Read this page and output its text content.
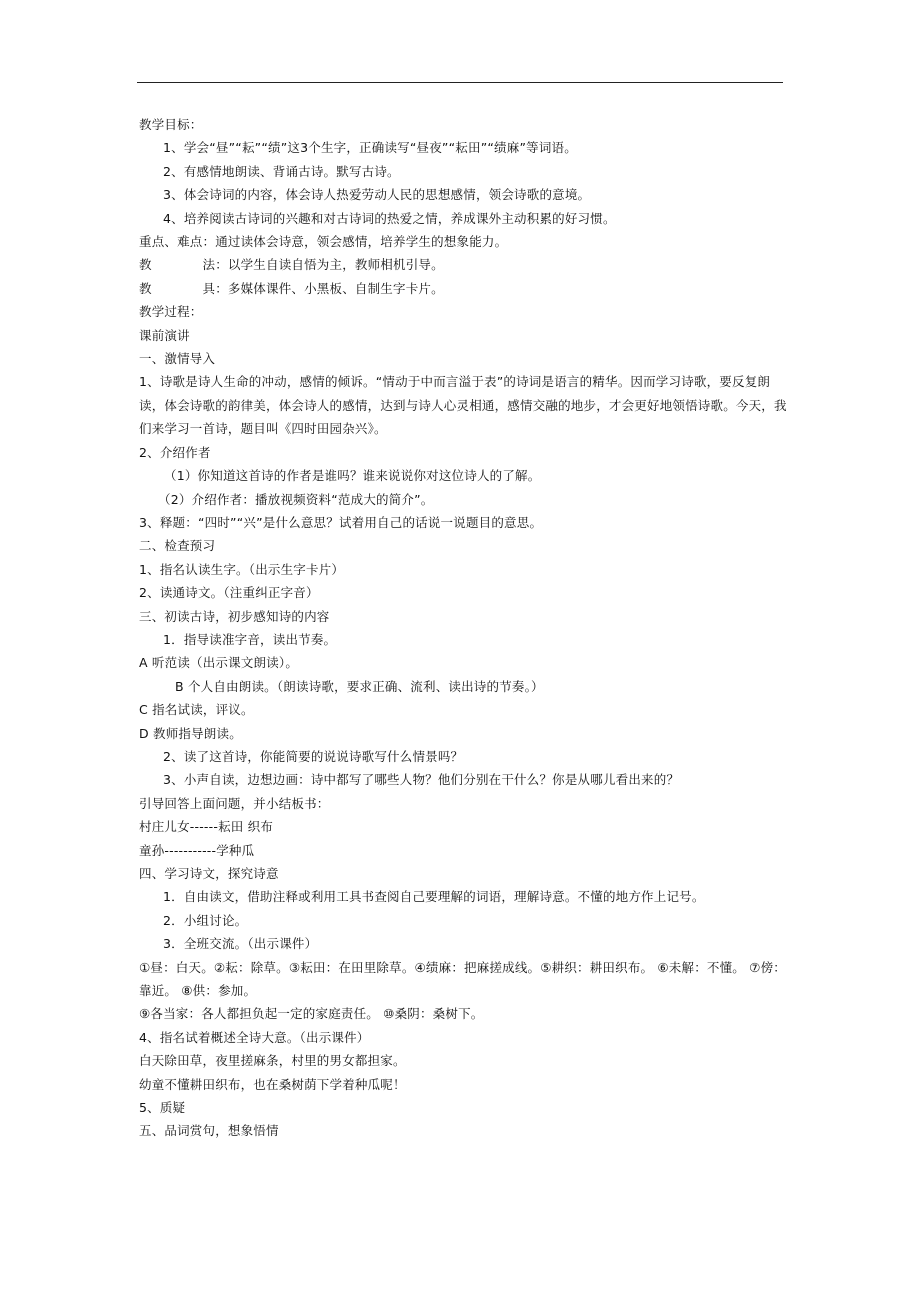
教学目标：
1、学会“昼”“耘”“绩”这3个生字，正确读写“昼夜”“耘田”“绩麻”等词语。
2、有感情地朗读、背诵古诗。默写古诗。
3、体会诗词的内容，体会诗人热爱劳动人民的思想感情，领会诗歌的意境。
4、培养阅读古诗词的兴趣和对古诗词的热爱之情，养成课外主动积累的好习惯。
重点、难点：通过读体会诗意，领会感情，培养学生的想象能力。
教　　　　法：以学生自读自悟为主，教师相机引导。
教　　　　具：多媒体课件、小黑板、自制生字卡片。
教学过程：
课前演讲
一、激情导入
1、诗歌是诗人生命的冲动，感情的倾诉。“情动于中而言溢于表”的诗词是语言的精华。因而学习诗歌，要反复朗读，体会诗歌的韵律美，体会诗人的感情，达到与诗人心灵相通，感情交融的地步，才会更好地领悟诗歌。今天，我们来学习一首诗，题目叫《四时田园杂兴》。
2、介绍作者
（1）你知道这首诗的作者是谁吗？谁来说说你对这位诗人的了解。
（2）介绍作者：播放视频资料“范成大的简介”。
3、释题：“四时”“兴”是什么意思？试着用自己的话说一说题目的意思。
二、检查预习
1、指名认读生字。（出示生字卡片）
2、读通诗文。（注重纠正字音）
三、初读古诗，初步感知诗的内容
1．指导读准字音，读出节奏。
A 听范读（出示课文朗读）。
B 个人自由朗读。（朗读诗歌，要求正确、流利、读出诗的节奏。）
C 指名试读，评议。
D 教师指导朗读。
2、读了这首诗，你能简要的说说诗歌写什么情景吗？
3、小声自读，边想边画：诗中都写了哪些人物？他们分别在干什么？你是从哪儿看出来的？
引导回答上面问题，并小结板书：
村庄儿女------耘田 织布
童孙-----------学种瓜
四、学习诗文，探究诗意
1．自由读文，借助注释或利用工具书查阅自己要理解的词语，理解诗意。不懂的地方作上记号。
2．小组讨论。
3．全班交流。（出示课件）
①昼：白天。②耘：除草。③耘田：在田里除草。④绩麻：把麻搓成线。⑤耕织：耕田织布。 ⑥未解：不懂。 ⑦傍：靠近。 ⑧供：参加。
⑨各当家：各人都担负起一定的家庭责任。 ⑩桑阴：桑树下。
4、指名试着概述全诗大意。（出示课件）
白天除田草，夜里搓麻条，村里的男女都担家。
幼童不懂耕田织布，也在桑树荫下学着种瓜呢！
5、质疑
五、品词赏句，想象悟情
